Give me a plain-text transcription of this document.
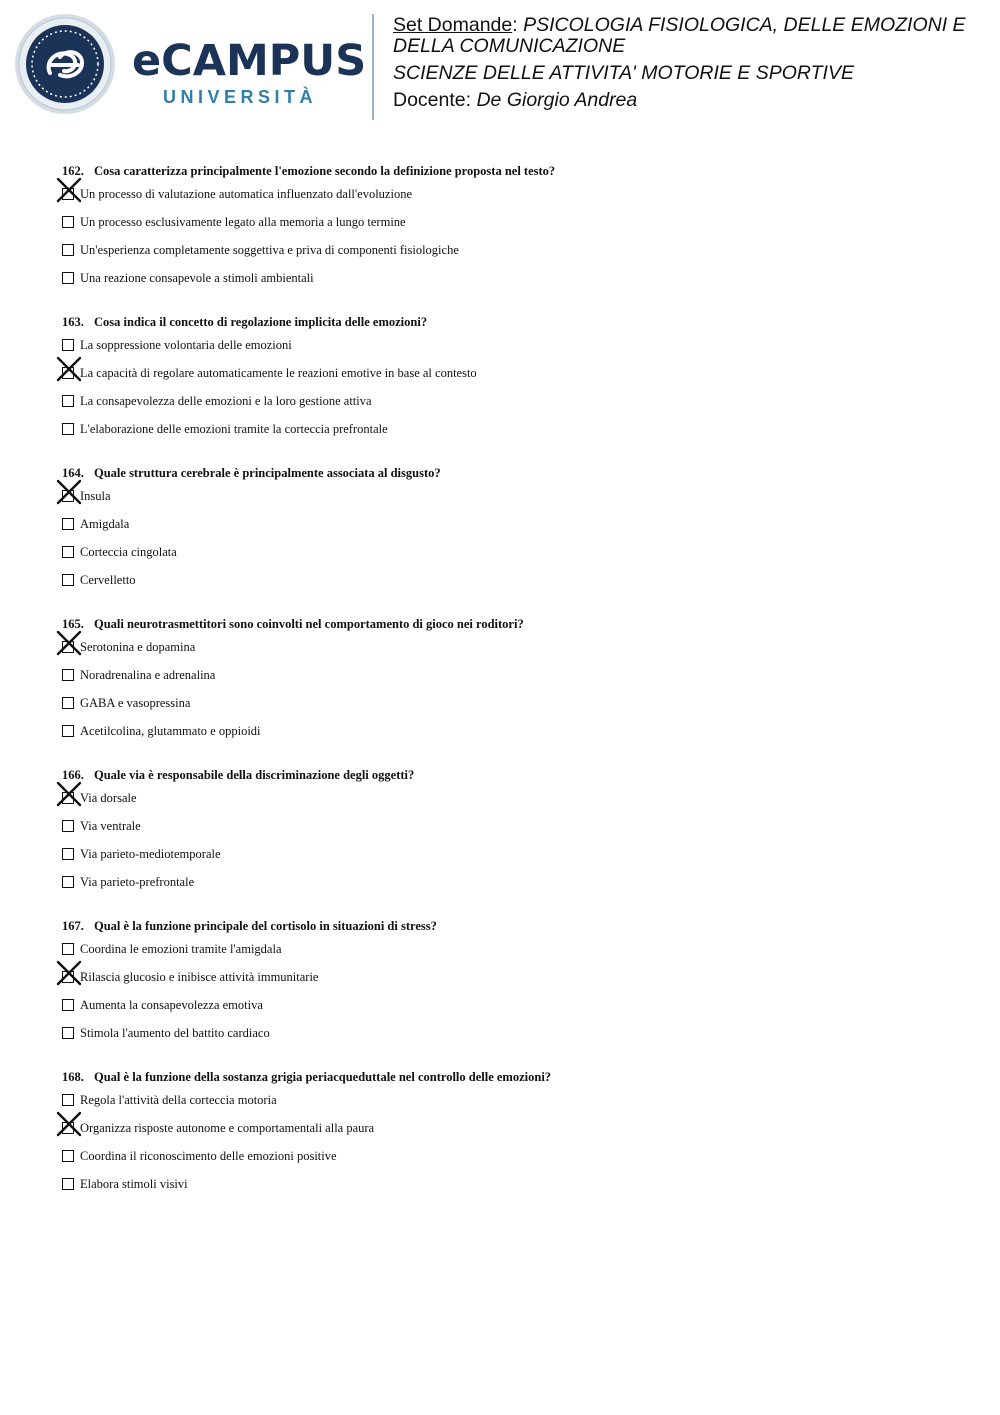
eCAMPUS
UNIVERSITÀ
Set Domande: PSICOLOGIA FISIOLOGICA, DELLE EMOZIONI E DELLA COMUNICAZIONE
SCIENZE DELLE ATTIVITA' MOTORIE E SPORTIVE
Docente: De Giorgio Andrea
162. Cosa caratterizza principalmente l'emozione secondo la definizione proposta nel testo?
Un processo di valutazione automatica influenzato dall'evoluzione
Un processo esclusivamente legato alla memoria a lungo termine
Un'esperienza completamente soggettiva e priva di componenti fisiologiche
Una reazione consapevole a stimoli ambientali
163. Cosa indica il concetto di regolazione implicita delle emozioni?
La soppressione volontaria delle emozioni
La capacità di regolare automaticamente le reazioni emotive in base al contesto
La consapevolezza delle emozioni e la loro gestione attiva
L'elaborazione delle emozioni tramite la corteccia prefrontale
164. Quale struttura cerebrale è principalmente associata al disgusto?
Insula
Amigdala
Corteccia cingolata
Cervelletto
165. Quali neurotrasmettitori sono coinvolti nel comportamento di gioco nei roditori?
Serotonina e dopamina
Noradrenalina e adrenalina
GABA e vasopressina
Acetilcolina, glutammato e oppioidi
166. Quale via è responsabile della discriminazione degli oggetti?
Via dorsale
Via ventrale
Via parieto-mediotemporale
Via parieto-prefrontale
167. Qual è la funzione principale del cortisolo in situazioni di stress?
Coordina le emozioni tramite l'amigdala
Rilascia glucosio e inibisce attività immunitarie
Aumenta la consapevolezza emotiva
Stimola l'aumento del battito cardiaco
168. Qual è la funzione della sostanza grigia periacqueduttale nel controllo delle emozioni?
Regola l'attività della corteccia motoria
Organizza risposte autonome e comportamentali alla paura
Coordina il riconoscimento delle emozioni positive
Elabora stimoli visivi
